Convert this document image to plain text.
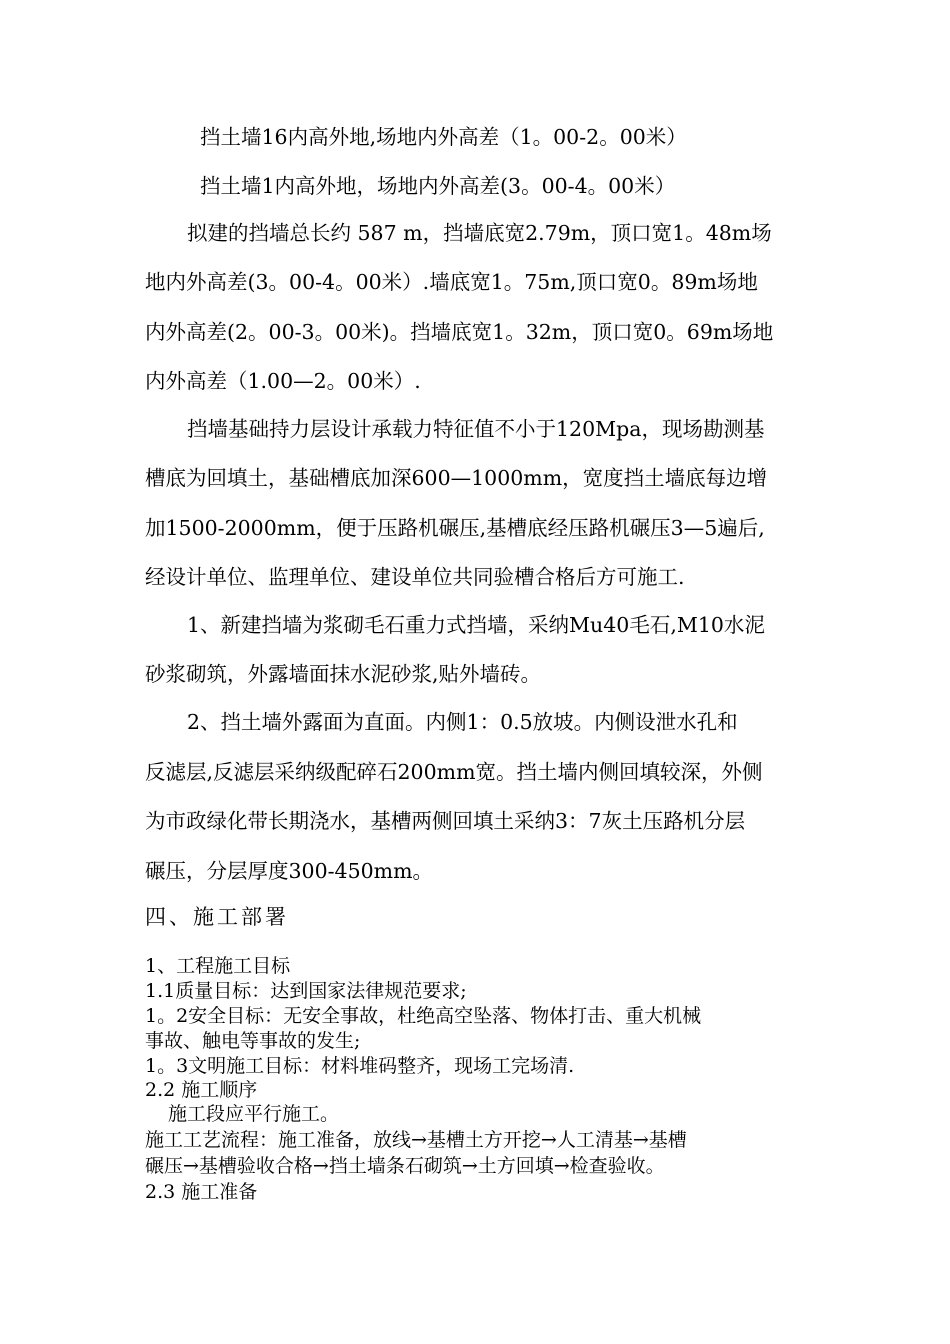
挡土墙16内高外地,场地内外高差（1。00-2。00米）
挡土墙1内高外地，场地内外高差(3。00-4。00米）
拟建的挡墙总长约 587 m，挡墙底宽2.79m，顶口宽1。48m场
地内外高差(3。00-4。00米）.墙底宽1。75m,顶口宽0。89m场地
内外高差(2。00-3。00米)。挡墙底宽1。32m，顶口宽0。69m场地
内外高差（1.00—2。00米）.
挡墙基础持力层设计承载力特征值不小于120Mpa，现场勘测基
槽底为回填土，基础槽底加深600—1000mm，宽度挡土墙底每边增
加1500-2000mm，便于压路机碾压,基槽底经压路机碾压3—5遍后,
经设计单位、监理单位、建设单位共同验槽合格后方可施工.
1、新建挡墙为浆砌毛石重力式挡墙，采纳Mu40毛石,M10水泥
砂浆砌筑，外露墙面抹水泥砂浆,贴外墙砖。
2、挡土墙外露面为直面。内侧1：0.5放坡。内侧设泄水孔和
反滤层,反滤层采纳级配碎石200mm宽。挡土墙内侧回填较深，外侧
为市政绿化带长期浇水，基槽两侧回填土采纳3：7灰土压路机分层
碾压，分层厚度300-450mm。
四、施工部署
1、工程施工目标
1.1质量目标：达到国家法律规范要求;
1。2安全目标：无安全事故，杜绝高空坠落、物体打击、重大机械
事故、触电等事故的发生;
1。3文明施工目标：材料堆码整齐，现场工完场清.
2.2 施工顺序
施工段应平行施工。
施工工艺流程：施工准备，放线→基槽土方开挖→人工清基→基槽
碾压→基槽验收合格→挡土墙条石砌筑→土方回填→检查验收。
2.3 施工准备
